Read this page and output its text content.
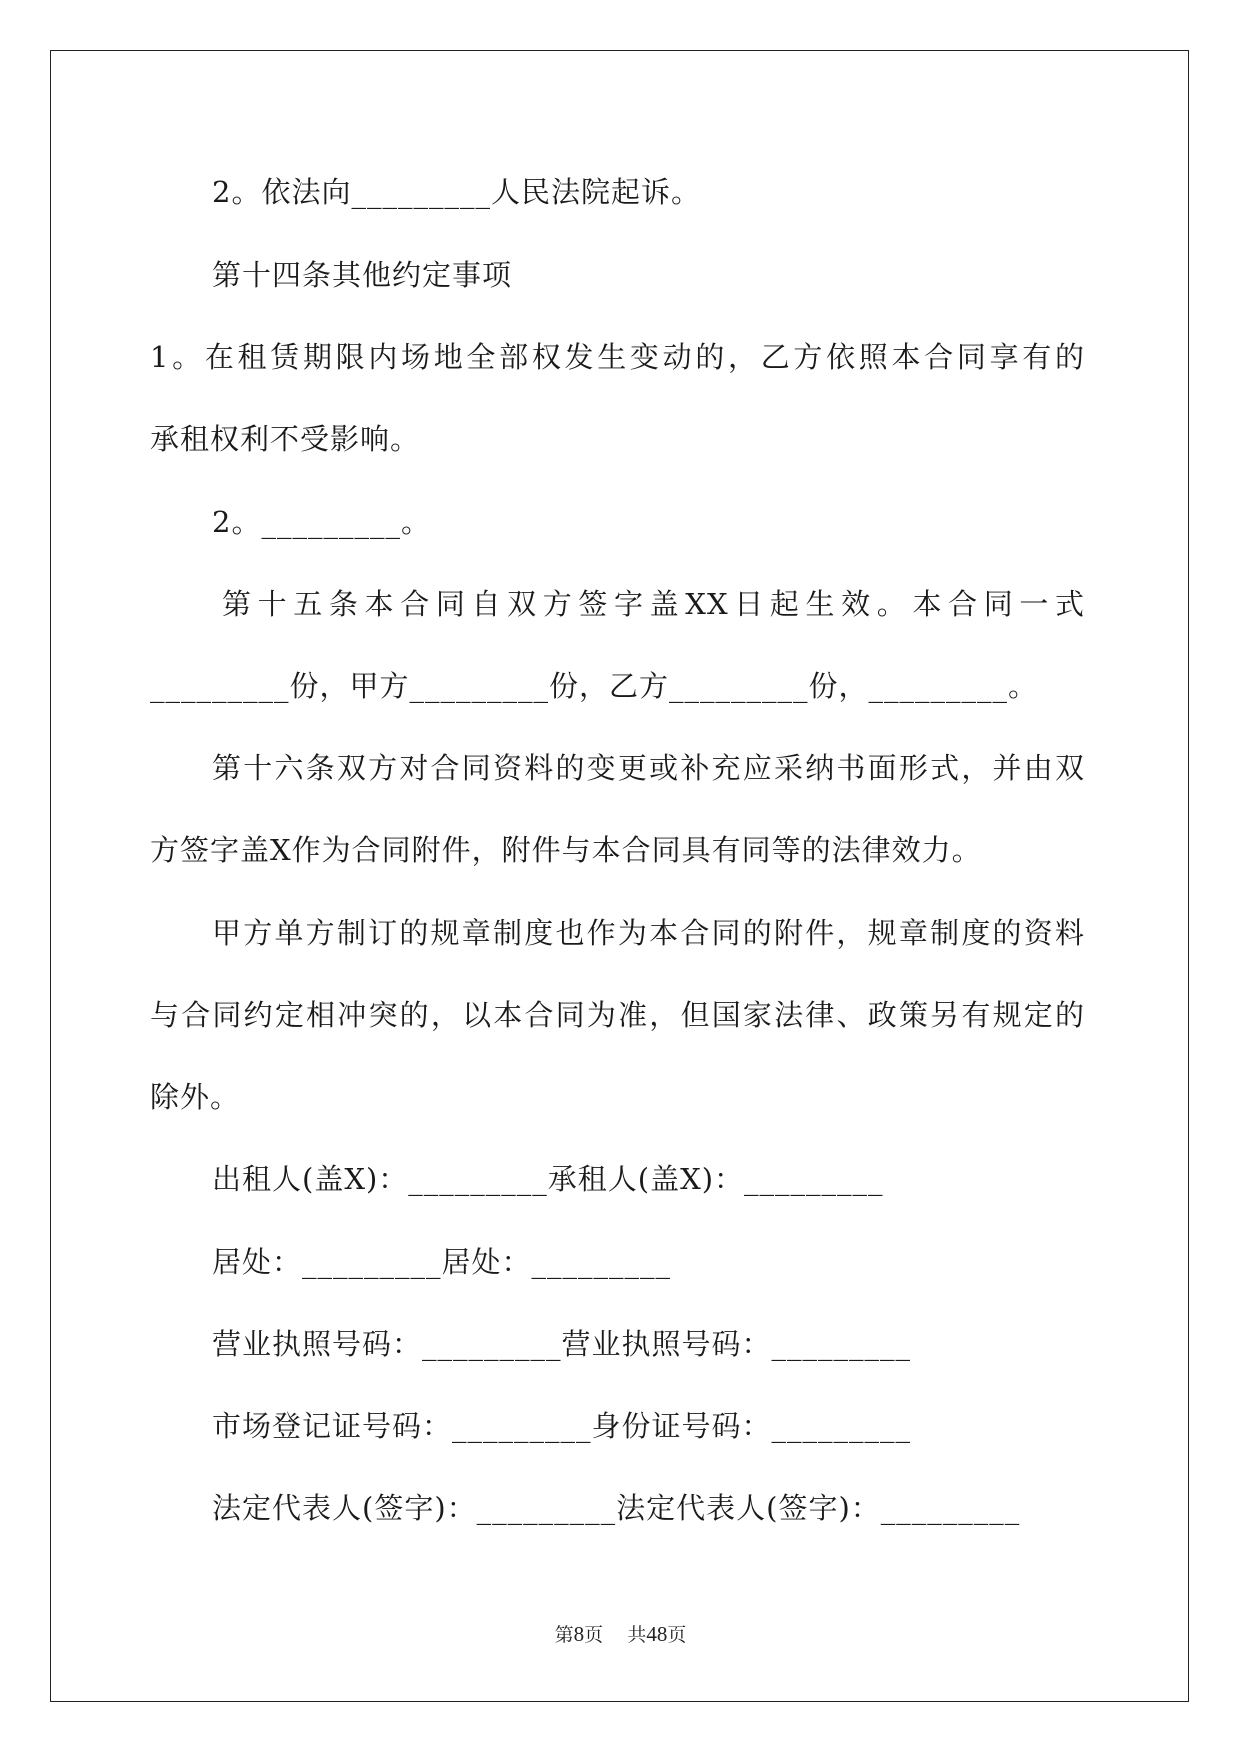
2。依法向_________人民法院起诉。
第十四条其他约定事项
1。在租赁期限内场地全部权发生变动的，乙方依照本合同享有的
承租权利不受影响。
2。_________。
第十五条本合同自双方签字盖XX日起生效。本合同一式
_________份，甲方_________份，乙方_________份，_________。
第十六条双方对合同资料的变更或补充应采纳书面形式，并由双
方签字盖X作为合同附件，附件与本合同具有同等的法律效力。
甲方单方制订的规章制度也作为本合同的附件，规章制度的资料
与合同约定相冲突的，以本合同为准，但国家法律、政策另有规定的
除外。
出租人(盖X)：_________承租人(盖X)：_________
居处：_________居处：_________
营业执照号码：_________营业执照号码：_________
市场登记证号码：_________身份证号码：_________
法定代表人(签字)：_________法定代表人(签字)：_________
第8页 共48页
